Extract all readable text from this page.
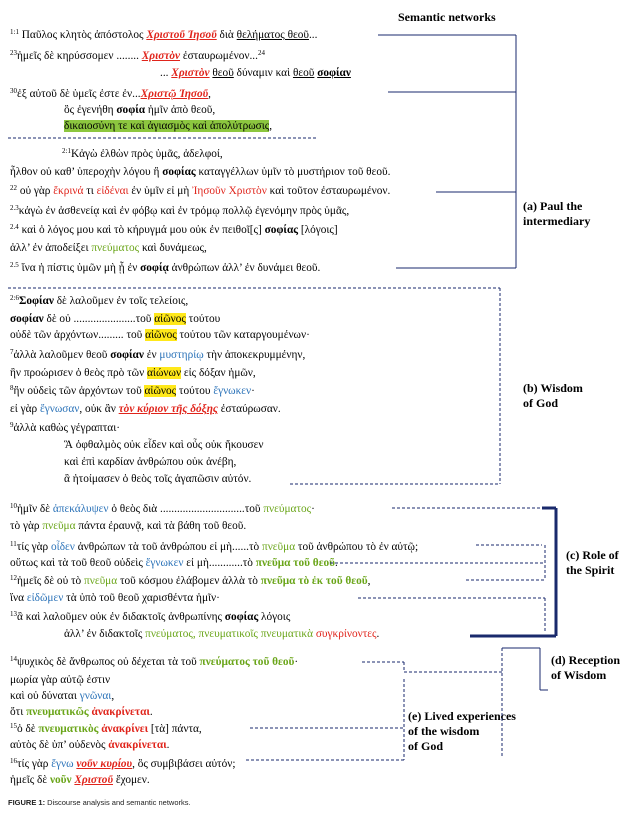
Semantic networks
$^{1:1}$ Παῦλος κλητὸς ἀπόστολος Χριστοῦ Ἰησοῦ διὰ θελήματος θεοῦ...
$^{23}$ἡμεῖς δὲ κηρύσσομεν ........ Χριστὸν ἐσταυρωμένον...$^{24}$
... Χριστὸν θεοῦ δύναμιν καὶ θεοῦ σοφίαν
$^{30}$ἐξ αὐτοῦ δὲ ὑμεῖς ἐστε ἐν...Χριστῷ Ἰησοῦ,
ὃς ἐγενήθη σοφία ἡμῖν ἀπὸ θεοῦ,
δικαιοσύνη τε καὶ ἁγιασμὸς καὶ ἀπολύτρωσις,
$^{2:1}$Κἀγὼ ἐλθὼν πρὸς ὑμᾶς, ἀδελφοί,
ἦλθον οὐ καθ’ ὑπεροχὴν λόγου ἢ σοφίας καταγγέλλων ὑμῖν τὸ μυστήριον τοῦ θεοῦ.
$^{22}$ οὐ γὰρ ἔκρινά τι εἰδέναι ἐν ὑμῖν εἰ μὴ Ἰησοῦν Χριστὸν καὶ τοῦτον ἐσταυρωμένον.
$^{2.3}$κἀγὼ ἐν ἀσθενείᾳ καὶ ἐν φόβῳ καὶ ἐν τρόμῳ πολλῷ ἐγενόμην πρὸς ὑμᾶς,
$^{2.4}$ καὶ ὁ λόγος μου καὶ τὸ κήρυγμά μου οὐκ ἐν πειθοῖ[ς] σοφίας [λόγοις]
ἀλλ’ ἐν ἀποδείξει πνεύματος καὶ δυνάμεως,
$^{2.5}$ ἵνα ἡ πίστις ὑμῶν μὴ ᾖ ἐν σοφίᾳ ἀνθρώπων ἀλλ’ ἐν δυνάμει θεοῦ.
$^{2:6}$Σοφίαν δὲ λαλοῦμεν ἐν τοῖς τελείοις,
σοφίαν δὲ οὐ ......................τοῦ αἰῶνος τούτου
οὐδὲ τῶν ἀρχόντων......... τοῦ αἰῶνος τούτου τῶν καταργουμένων·
$^7$ἀλλὰ λαλοῦμεν θεοῦ σοφίαν ἐν μυστηρίῳ τὴν ἀποκεκρυμμένην,
ἣν προώρισεν ὁ θεὸς πρὸ τῶν αἰώνων εἰς δόξαν ἡμῶν,
$^8$ἣν οὐδεὶς τῶν ἀρχόντων τοῦ αἰῶνος τούτου ἔγνωκεν·
εἰ γὰρ ἔγνωσαν, οὐκ ἂν τὸν κύριον τῆς δόξης ἐσταύρωσαν.
$^9$ἀλλὰ καθὼς γέγραπται·
Ἃ ὀφθαλμὸς οὐκ εἶδεν καὶ οὖς οὐκ ἤκουσεν
καὶ ἐπὶ καρδίαν ἀνθρώπου οὐκ ἀνέβη,
ἃ ἡτοίμασεν ὁ θεὸς τοῖς ἀγαπῶσιν αὐτόν.
$^{10}$ἡμῖν δὲ ἀπεκάλυψεν ὁ θεὸς διὰ ..............................τοῦ πνεύματος·
τὸ γὰρ πνεῦμα πάντα ἐραυνᾷ, καὶ τὰ βάθη τοῦ θεοῦ.
$^{11}$τίς γὰρ οἶδεν ἀνθρώπων τὰ τοῦ ἀνθρώπου εἰ μὴ......τὸ πνεῦμα τοῦ ἀνθρώπου τὸ ἐν αὐτῷ;
οὕτως καὶ τὰ τοῦ θεοῦ οὐδεὶς ἔγνωκεν εἰ μὴ............τὸ πνεῦμα τοῦ θεοῦ.
$^{12}$ἡμεῖς δὲ οὐ τὸ πνεῦμα τοῦ κόσμου ἐλάβομεν ἀλλὰ τὸ πνεῦμα τὸ ἐκ τοῦ θεοῦ,
ἵνα εἰδῶμεν τὰ ὑπὸ τοῦ θεοῦ χαρισθέντα ἡμῖν·
$^{13}$ἃ καὶ λαλοῦμεν οὐκ ἐν διδακτοῖς ἀνθρωπίνης σοφίας λόγοις
ἀλλ’ ἐν διδακτοῖς πνεύματος, πνευματικοῖς πνευματικὰ συγκρίνοντες.
$^{14}$ψυχικὸς δὲ ἄνθρωπος οὐ δέχεται τὰ τοῦ πνεύματος τοῦ θεοῦ·
μωρία γὰρ αὐτῷ ἐστιν
καὶ οὐ δύναται γνῶναι,
ὅτι πνευματικῶς ἀνακρίνεται.
$^{15}$ὁ δὲ πνευματικὸς ἀνακρίνει [τὰ] πάντα,
αὐτὸς δὲ ὑπ’ οὐδενὸς ἀνακρίνεται.
$^{16}$τίς γὰρ ἔγνω νοῦν κυρίου, ὃς συμβιβάσει αὐτόν;
ἡμεῖς δὲ νοῦν Χριστοῦ ἔχομεν.
(a) Paul the
intermediary
(b) Wisdom
of God
(c) Role of
the Spirit
(d) Reception
of Wisdom
(e) Lived experiences
of the wisdom
of God
FIGURE 1: Discourse analysis and semantic networks.
